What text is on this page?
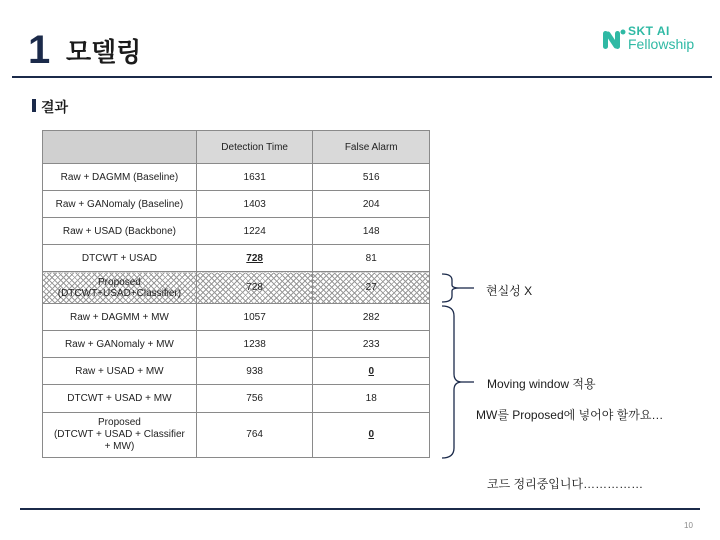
1 모델링
SKT AI
Fellowship
결과
	Detection Time	False Alarm
Raw + DAGMM (Baseline)	1631	516
Raw + GANomaly (Baseline)	1403	204
Raw + USAD (Backbone)	1224	148
DTCWT + USAD	728	81

Proposed
(DTCWT+USAD+Classifier)	728	27
Raw + DAGMM + MW	1057	282
Raw + GANomaly + MW	1238	233
Raw + USAD + MW	938	0
DTCWT + USAD + MW	756	18

Proposed
(DTCWT + USAD + Classifier
+ MW)	764	0
현실성 X
Moving window 적용
MW를 Proposed에 넣어야 할까요…
코드 정리중입니다……………
10
